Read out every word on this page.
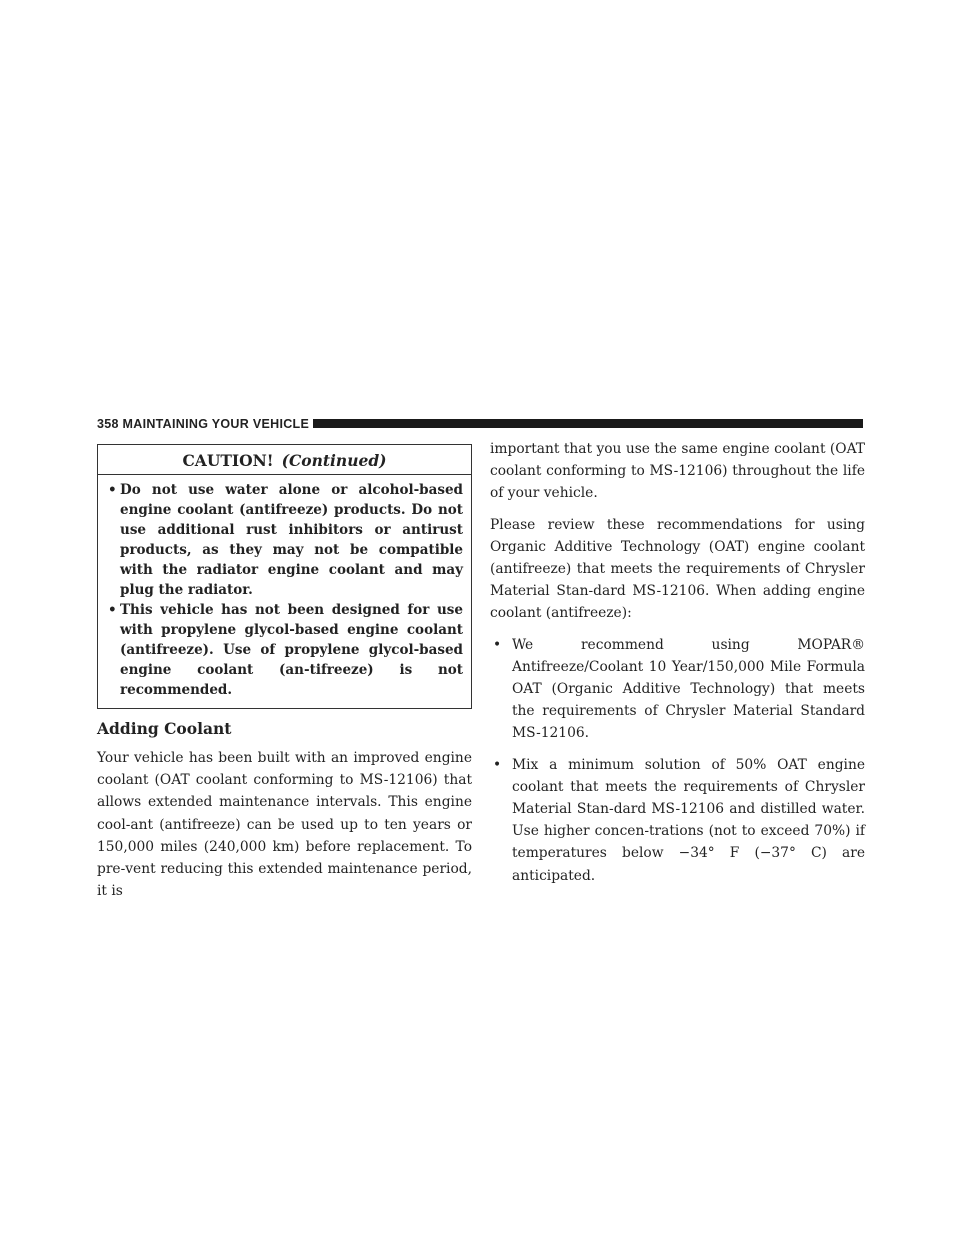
358 MAINTAINING YOUR VEHICLE
CAUTION! (Continued)
• Do not use water alone or alcohol-based engine coolant (antifreeze) products. Do not use additional rust inhibitors or antirust products, as they may not be compatible with the radiator engine coolant and may plug the radiator.
• This vehicle has not been designed for use with propylene glycol-based engine coolant (antifreeze). Use of propylene glycol-based engine coolant (an-tifreeze) is not recommended.
Adding Coolant

Your vehicle has been built with an improved engine coolant (OAT coolant conforming to MS-12106) that allows extended maintenance intervals. This engine cool-ant (antifreeze) can be used up to ten years or 150,000 miles (240,000 km) before replacement. To pre-vent reducing this extended maintenance period, it is

important that you use the same engine coolant (OAT coolant conforming to MS-12106) throughout the life of your vehicle.

Please review these recommendations for using Organic Additive Technology (OAT) engine coolant (antifreeze) that meets the requirements of Chrysler Material Stan-dard MS-12106. When adding engine coolant (antifreeze):

• We recommend using MOPAR® Antifreeze/Coolant 10 Year/150,000 Mile Formula OAT (Organic Additive Technology) that meets the requirements of Chrysler Material Standard MS-12106.
• Mix a minimum solution of 50% OAT engine coolant that meets the requirements of Chrysler Material Stan-dard MS-12106 and distilled water. Use higher concen-trations (not to exceed 70%) if temperatures below −34° F (−37° C) are anticipated.
